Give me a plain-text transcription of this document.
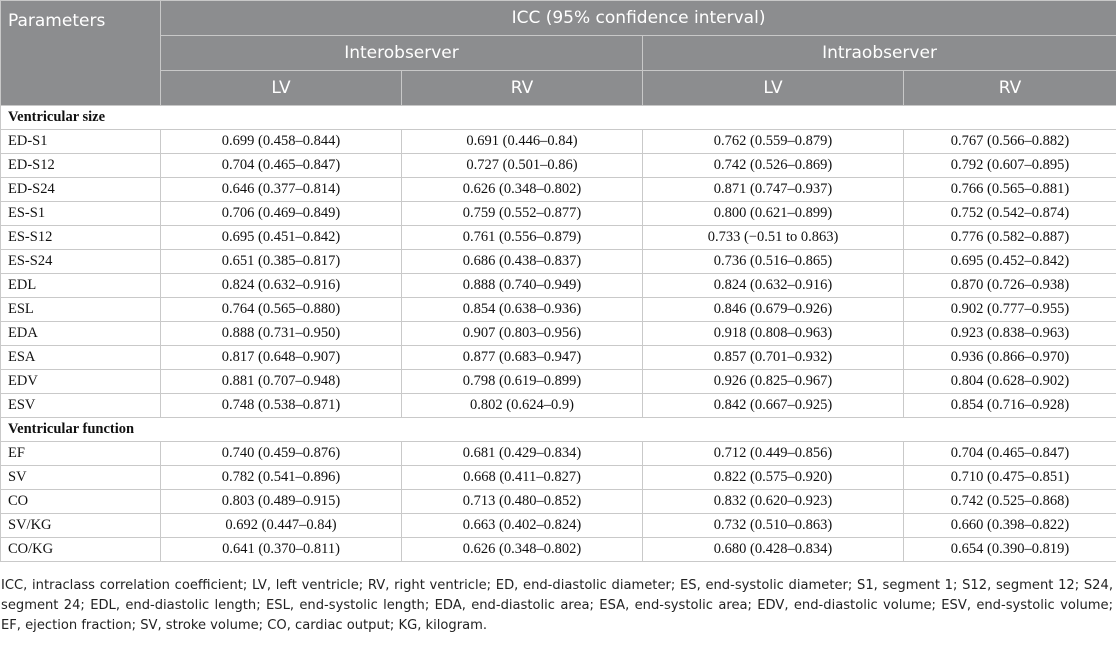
Parameters	ICC (95% confidence interval)			
	Interobserver		Intraobserver	
	LV	RV	LV	RV
Ventricular size				
ED-S1	0.699 (0.458–0.844)	0.691 (0.446–0.84)	0.762 (0.559–0.879)	0.767 (0.566–0.882)
ED-S12	0.704 (0.465–0.847)	0.727 (0.501–0.86)	0.742 (0.526–0.869)	0.792 (0.607–0.895)
ED-S24	0.646 (0.377–0.814)	0.626 (0.348–0.802)	0.871 (0.747–0.937)	0.766 (0.565–0.881)
ES-S1	0.706 (0.469–0.849)	0.759 (0.552–0.877)	0.800 (0.621–0.899)	0.752 (0.542–0.874)
ES-S12	0.695 (0.451–0.842)	0.761 (0.556–0.879)	0.733 (−0.51 to 0.863)	0.776 (0.582–0.887)
ES-S24	0.651 (0.385–0.817)	0.686 (0.438–0.837)	0.736 (0.516–0.865)	0.695 (0.452–0.842)
EDL	0.824 (0.632–0.916)	0.888 (0.740–0.949)	0.824 (0.632–0.916)	0.870 (0.726–0.938)
ESL	0.764 (0.565–0.880)	0.854 (0.638–0.936)	0.846 (0.679–0.926)	0.902 (0.777–0.955)
EDA	0.888 (0.731–0.950)	0.907 (0.803–0.956)	0.918 (0.808–0.963)	0.923 (0.838–0.963)
ESA	0.817 (0.648–0.907)	0.877 (0.683–0.947)	0.857 (0.701–0.932)	0.936 (0.866–0.970)
EDV	0.881 (0.707–0.948)	0.798 (0.619–0.899)	0.926 (0.825–0.967)	0.804 (0.628–0.902)
ESV	0.748 (0.538–0.871)	0.802 (0.624–0.9)	0.842 (0.667–0.925)	0.854 (0.716–0.928)
Ventricular function				
EF	0.740 (0.459–0.876)	0.681 (0.429–0.834)	0.712 (0.449–0.856)	0.704 (0.465–0.847)
SV	0.782 (0.541–0.896)	0.668 (0.411–0.827)	0.822 (0.575–0.920)	0.710 (0.475–0.851)
CO	0.803 (0.489–0.915)	0.713 (0.480–0.852)	0.832 (0.620–0.923)	0.742 (0.525–0.868)
SV/KG	0.692 (0.447–0.84)	0.663 (0.402–0.824)	0.732 (0.510–0.863)	0.660 (0.398–0.822)
CO/KG	0.641 (0.370–0.811)	0.626 (0.348–0.802)	0.680 (0.428–0.834)	0.654 (0.390–0.819)
ICC, intraclass correlation coefficient; LV, left ventricle; RV, right ventricle; ED, end-diastolic diameter; ES, end-systolic diameter; S1, segment 1; S12, segment 12; S24, segment 24; EDL, end-diastolic length; ESL, end-systolic length; EDA, end-diastolic area; ESA, end-systolic area; EDV, end-diastolic volume; ESV, end-systolic volume; EF, ejection fraction; SV, stroke volume; CO, cardiac output; KG, kilogram.
